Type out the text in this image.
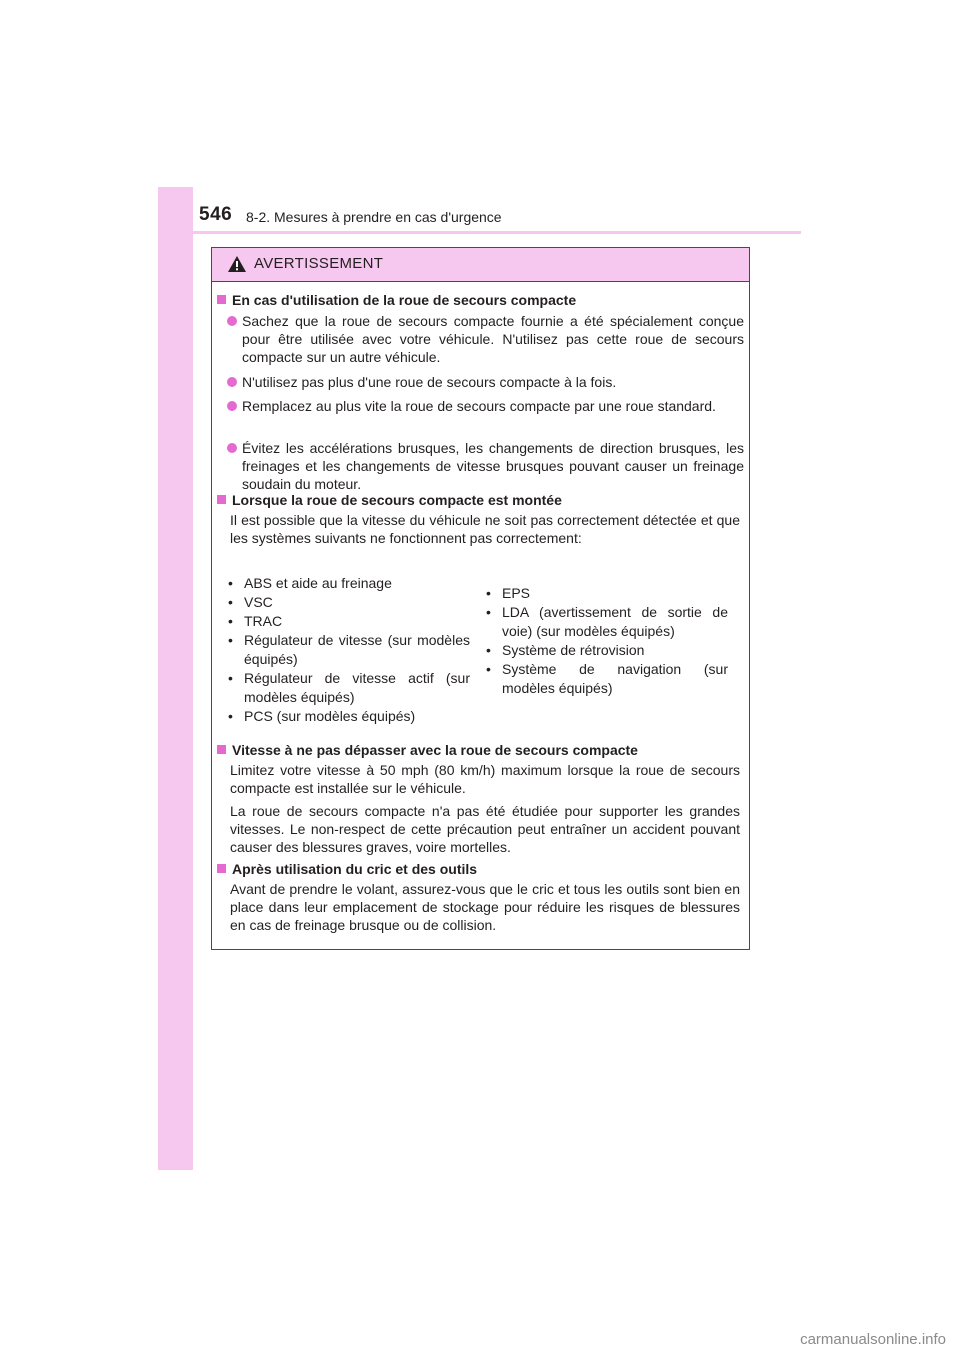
546 8-2. Mesures à prendre en cas d'urgence
AVERTISSEMENT
En cas d'utilisation de la roue de secours compacte
Sachez que la roue de secours compacte fournie a été spécialement conçue pour être utilisée avec votre véhicule. N'utilisez pas cette roue de secours compacte sur un autre véhicule.
N'utilisez pas plus d'une roue de secours compacte à la fois.
Remplacez au plus vite la roue de secours compacte par une roue standard.
Évitez les accélérations brusques, les changements de direction brusques, les freinages et les changements de vitesse brusques pouvant causer un freinage soudain du moteur.
Lorsque la roue de secours compacte est montée
Il est possible que la vitesse du véhicule ne soit pas correctement détectée et que les systèmes suivants ne fonctionnent pas correctement:
• ABS et aide au freinage
• VSC
• TRAC
• Régulateur de vitesse (sur modèles équipés)
• Régulateur de vitesse actif (sur modèles équipés)
• PCS (sur modèles équipés)
• EPS
• LDA (avertissement de sortie de voie) (sur modèles équipés)
• Système de rétrovision
• Système de navigation (sur modèles équipés)
Vitesse à ne pas dépasser avec la roue de secours compacte
Limitez votre vitesse à 50 mph (80 km/h) maximum lorsque la roue de secours compacte est installée sur le véhicule.
La roue de secours compacte n'a pas été étudiée pour supporter les grandes vitesses. Le non-respect de cette précaution peut entraîner un accident pouvant causer des blessures graves, voire mortelles.
Après utilisation du cric et des outils
Avant de prendre le volant, assurez-vous que le cric et tous les outils sont bien en place dans leur emplacement de stockage pour réduire les risques de blessures en cas de freinage brusque ou de collision.
carmanualsonline.info
